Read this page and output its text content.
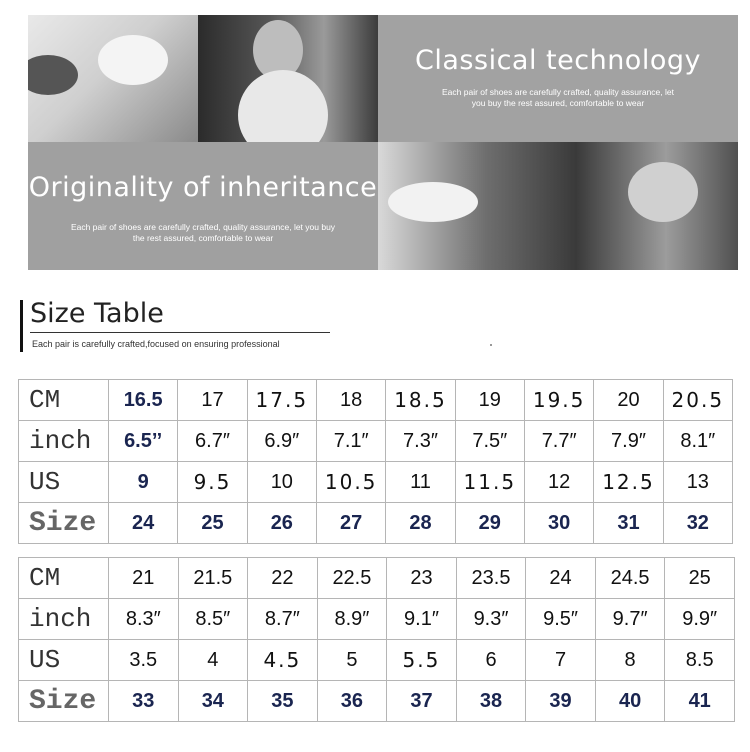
Classical technology
Each pair of shoes are carefully crafted, quality assurance, let you buy the rest assured, comfortable to wear
Originality of inheritance
Each pair of shoes are carefully crafted, quality assurance, let you buy the rest assured, comfortable to wear
Size Table
Each pair is carefully crafted,focused on ensuring professional
CM	16.5	17	17.5	18	18.5	19	19.5	20	20.5
inch	6.5’’	6.7″	6.9″	7.1″	7.3″	7.5″	7.7″	7.9″	8.1″
US	9	9.5	10	10.5	11	11.5	12	12.5	13
Size	24	25	26	27	28	29	30	31	32
CM	21	21.5	22	22.5	23	23.5	24	24.5	25
inch	8.3″	8.5″	8.7″	8.9″	9.1″	9.3″	9.5″	9.7″	9.9″
US	3.5	4	4.5	5	5.5	6	7	8	8.5
Size	33	34	35	36	37	38	39	40	41
